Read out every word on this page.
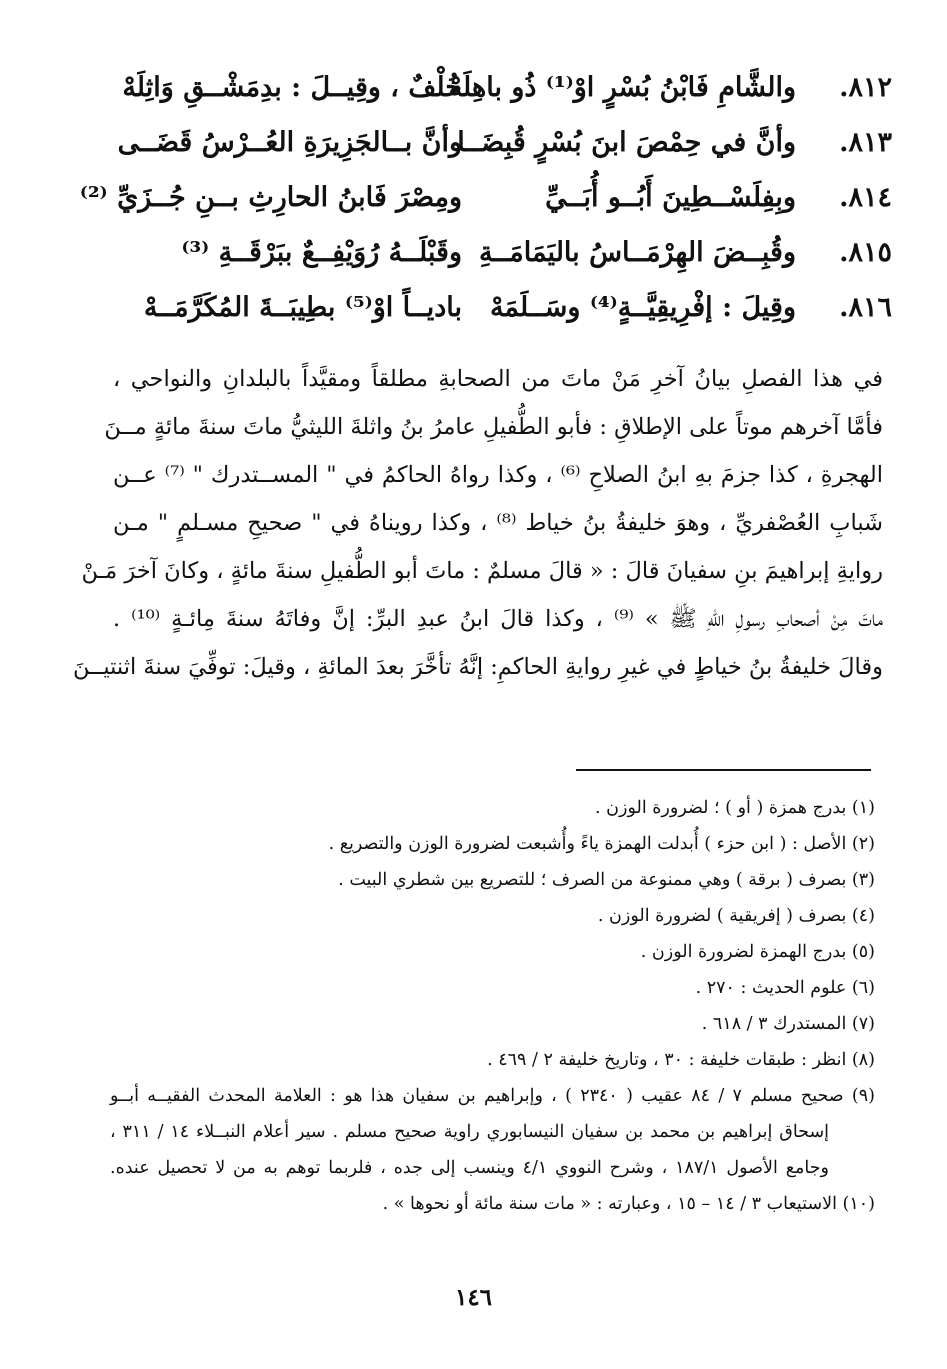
٨١٢.
والشَّامِ فَابْنُ بُسْرٍ اوْ⁽¹⁾ ذُو باهِلَهْ
خُلْفٌ ، وقِيــلَ : بدِمَشْــقِ وَاثِلَهْ
٨١٣.
وأنَّ في حِمْصَ ابنَ بُسْرٍ قُبِضَــا
وأنَّ بــالجَزِيرَةِ العُــرْسُ قَضَــى
٨١٤.
وبِفِلَسْــطِينَ أَبُــو أُبَــيِّ
ومِصْرَ فَابنُ الحارِثِ بــنِ جُــزَيِّ ⁽²⁾
٨١٥.
وقُبِــضَ الهِرْمَــاسُ باليَمَامَــةِ
وقَبْلَــهُ رُوَيْفِــعٌ ببَرْقَــةِ ⁽³⁾
٨١٦.
وقِيلَ : إفْرِيقِيَّــةٍ⁽⁴⁾ وسَــلَمَهْ
باديــاً اوْ⁽⁵⁾ بطِيبَــةَ المُكَرَّمَــهْ
في هذا الفصلِ بيانُ آخرِ مَنْ ماتَ من الصحابةِ مطلقاً ومقيَّداً بالبلدانِ والنواحي ،
فأمَّا آخرهم موتاً على الإطلاقِ : فأبو الطُّفيلِ عامرُ بنُ واثلةَ الليثيُّ ماتَ سنةَ مائةٍ مــنَ
الهجرةِ ، كذا جزمَ بهِ ابنُ الصلاحِ ⁽⁶⁾ ، وكذا رواهُ الحاكمُ في " المســتدرك " ⁽⁷⁾ عــن
شَبابِ العُصْفريِّ ، وهوَ خليفةُ بنُ خياط ⁽⁸⁾ ، وكذا رويناهُ في " صحيحِ مسـلمٍ " مـن
روايةِ إبراهيمَ بنِ سفيانَ قالَ : « قالَ مسلمٌ : ماتَ أبو الطُّفيلِ سنةَ مائةٍ ، وكانَ آخرَ مَـنْ
ماتَ مِنْ أصحابِ رسولِ اللهِ ﷺ » ⁽⁹⁾ ، وكذا قالَ ابنُ عبدِ البرِّ: إنَّ وفاتَهُ سنةَ مِائـةٍ ⁽¹⁰⁾ .
وقالَ خليفةُ بنُ خياطٍ في غيرِ روايةِ الحاكمِ: إنَّهُ تأخَّرَ بعدَ المائةِ ، وقيلَ: توفِّيَ سنةَ اثنتيــنَ
(١) بدرج همزة ( أو ) ؛ لضرورة الوزن .
(٢) الأصل : ( ابن حزء ) أُبدلت الهمزة ياءً وأُشبعت لضرورة الوزن والتصريع .
(٣) بصرف ( برقة ) وهي ممنوعة من الصرف ؛ للتصريع بين شطري البيت .
(٤) بصرف ( إفريقية ) لضرورة الوزن .
(٥) بدرج الهمزة لضرورة الوزن .
(٦) علوم الحديث : ٢٧٠ .
(٧) المستدرك ٣ / ٦١٨ .
(٨) انظر : طبقات خليفة : ٣٠ ، وتاريخ خليفة ٢ / ٤٦٩ .
(٩) صحيح مسلم ٧ / ٨٤ عقيب ( ٢٣٤٠ ) ، وإبراهيم بن سفيان هذا هو : العلامة المحدث الفقيــه أبــو
إسحاق إبراهيم بن محمد بن سفيان النيسابوري راوية صحيح مسلم . سير أعلام النبــلاء ١٤ / ٣١١ ،
وجامع الأصول ١٨٧/١ ، وشرح النووي ٤/١ وينسب إلى جده ، فلربما توهم به من لا تحصيل عنده.
(١٠) الاستيعاب ٣ / ١٤ – ١٥ ، وعبارته : « مات سنة مائة أو نحوها » .
١٤٦
